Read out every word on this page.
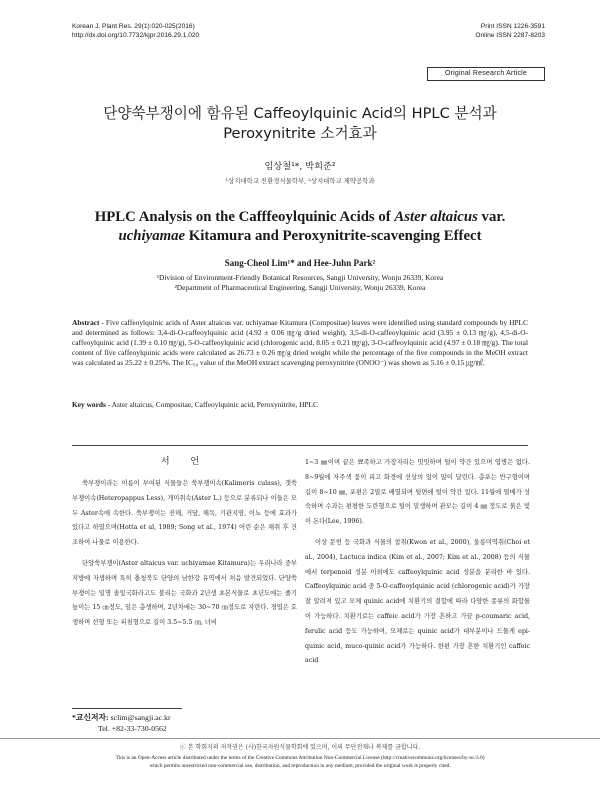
Korean J. Plant Res. 29(1):020-025(2016)
http://dx.doi.org/10.7732/kjpr.2016.29.1.020
Print ISSN 1226-3591
Online ISSN 2287-8203
Original Research Article
단양쑥부쟁이에 함유된 Caffeoylquinic Acid의 HPLC 분석과
Peroxynitrite 소거효과
임상철¹*, 박희준²
¹상지대학교 친환경식물학부, ²상지대학교 제약공학과
HPLC Analysis on the Cafffeoylquinic Acids of Aster altaicus var.
uchiyamae Kitamura and Peroxynitrite-scavenging Effect
Sang-Cheol Lim¹* and Hee-Juhn Park²
¹Division of Environment-Friendly Botanical Resources, Sangji University, Wonju 26339, Korea
²Department of Pharmaceutical Engineering, Sangji University, Wonju 26339, Korea
Abstract - Five caffeoylquinic acids of Aster altaicus var. uchiyamae Kitamura (Compositae) leaves were identified using standard compounds by HPLC and determined as follows: 3,4-di-O-caffeoylquinic acid (4.92 ± 0.06 ㎎/g dried weight), 3,5-di-O-caffeoylquinic acid (3.95 ± 0.13 ㎎/g), 4,5-di-O-caffeoylquinic acid (1.39 ± 0.10 ㎎/g), 5-O-caffeoylquinic acid (chlorogenic acid, 8.05 ± 0.21 ㎎/g), 3-O-caffeoylquinic acid (4.97 ± 0.18 ㎎/g). The total content of five caffeoylquinic acids were calculated as 26.73 ± 0.26 ㎎/g dried weight while the percentage of the five compounds in the MeOH extract was calculated as 25.22 ± 0.25%. The IC₅₀ value of the MeOH extract scavenging peroxynitrite (ONOO⁻) was shown as 5.16 ± 0.15 ㎍/㎖.
Key words - Aster altaicus, Compositae, Caffeoylquinic acid, Peroxynitrite, HPLC
서 언

쑥부쟁이라는 이름이 부여된 식물들은 쑥부쟁이속(Kalimeris culass), 갯쑥부쟁이속(Heteropappus Less), 개미취속(Aster L.) 등으로 분류되나 이들은 모두 Aster속에 속한다. 쑥부쟁이는 진해, 거담, 해독, 기관지염, 이뇨 등에 효과가 있다고 하였으며(Hotta et al, 1989; Song et al., 1974) 어린 순은 채취 후 건조하여 나물로 이용한다.

단양쑥부쟁이(Aster altaicus var. uchiyamae Kitamura)는 우리나라 중부지방에 자생하며 특히 충청북도 단양의 남한강 유역에서 처음 발견되었다. 단양쑥부쟁이는 일명 솔잎국화라고도 불리는 국화과 2년생 초본식물로 초년도에는 줄기높이는 15 ㎝정도, 잎은 총생하며, 2년차에는 30~70 ㎝정도로 자란다. 경엽은 호생하며 선형 또는 피침형으로 길이 3.5~5.5 ㎝, 너비

1~3 ㎜이며 끝은 뾰족하고 가장자리는 밋밋하며 털이 약간 있으며 엽병은 없다. 8~9월에 자주색 꽃이 피고 화경에 선상의 잎이 많이 달린다. 총포는 반구형이며 길이 8~10 ㎜, 포편은 2열로 배열되며 뒷면에 털이 약간 있다. 11월에 열매가 성숙하며 수과는 편평한 도란형으로 털이 밀생하며 관모는 길이 4 ㎜ 정도로 붉은 빛이 돈다(Lee, 1996).

이상 문헌 등 국화과 식물의 참취(Kwon et al., 2000), 울릉미역취(Choi et al., 2004), Lactuca indica (Kim et al., 2007; Kim et al., 2008) 등의 식물에서 terpenoid 성분 이외에도 caffeoylquinic acid 성분을 분리한 바 있다. Caffeoylquinic acid 중 5-O-caffeoylquinic acid (chlorogenic acid)가 가장 잘 알려져 있고 모체 quinic acid에 치환기의 결합에 따라 다양한 종류의 화합물이 가능하다. 치환기로는 caffeic acid가 가장 흔하고 가끔 p-coumaric acid, ferulic acid 등도 가능하며, 모체로는 quinic acid가 대부분이나 드물게 epi-quinic acid, muco-quinic acid가 가능하다. 한편 가장 흔한 치환기인 caffeic acid

*교신저자: sclim@sangji.ac.kr
Tel. +82-33-730-0562
ⓒ 본 학회지의 저작권은 (사)한국자원식물학회에 있으며, 이의 무단전재나 복제를 금합니다.
This is an Open-Access article distributed under the terms of the Creative Commons Attribution Non-Commercial License (http://creativecommons.org/licenses/by-nc/3.0)
which permits unrestricted non-commercial use, distribution, and reproduction in any medium, provided the original work is properly cited.
